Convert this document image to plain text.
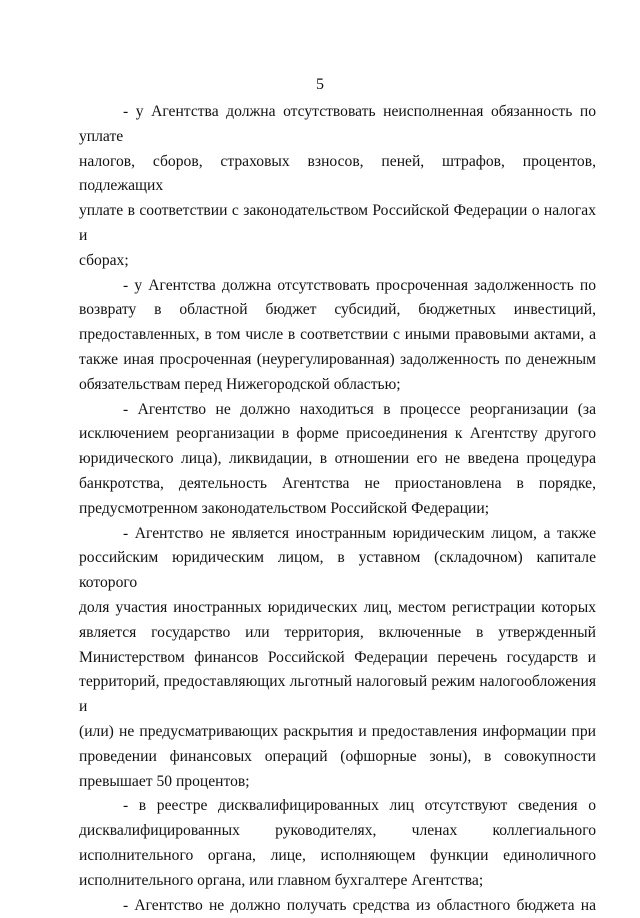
5
- у Агентства должна отсутствовать неисполненная обязанность по уплате
налогов, сборов, страховых взносов, пеней, штрафов, процентов, подлежащих
уплате в соответствии с законодательством Российской Федерации о налогах и
сборах;
- у Агентства должна отсутствовать просроченная задолженность по
возврату в областной бюджет субсидий, бюджетных инвестиций,
предоставленных, в том числе в соответствии с иными правовыми актами, а
также иная просроченная (неурегулированная) задолженность по денежным
обязательствам перед Нижегородской областью;
- Агентство не должно находиться в процессе реорганизации (за
исключением реорганизации в форме присоединения к Агентству другого
юридического лица), ликвидации, в отношении его не введена процедура
банкротства, деятельность Агентства не приостановлена в порядке,
предусмотренном законодательством Российской Федерации;
- Агентство не является иностранным юридическим лицом, а также
российским юридическим лицом, в уставном (складочном) капитале которого
доля участия иностранных юридических лиц, местом регистрации которых
является государство или территория, включенные в утвержденный
Министерством финансов Российской Федерации перечень государств и
территорий, предоставляющих льготный налоговый режим налогообложения и
(или) не предусматривающих раскрытия и предоставления информации при
проведении финансовых операций (офшорные зоны), в совокупности
превышает 50 процентов;
- в реестре дисквалифицированных лиц отсутствуют сведения о
дисквалифицированных руководителях, членах коллегиального
исполнительного органа, лице, исполняющем функции единоличного
исполнительного органа, или главном бухгалтере Агентства;
- Агентство не должно получать средства из областного бюджета на
